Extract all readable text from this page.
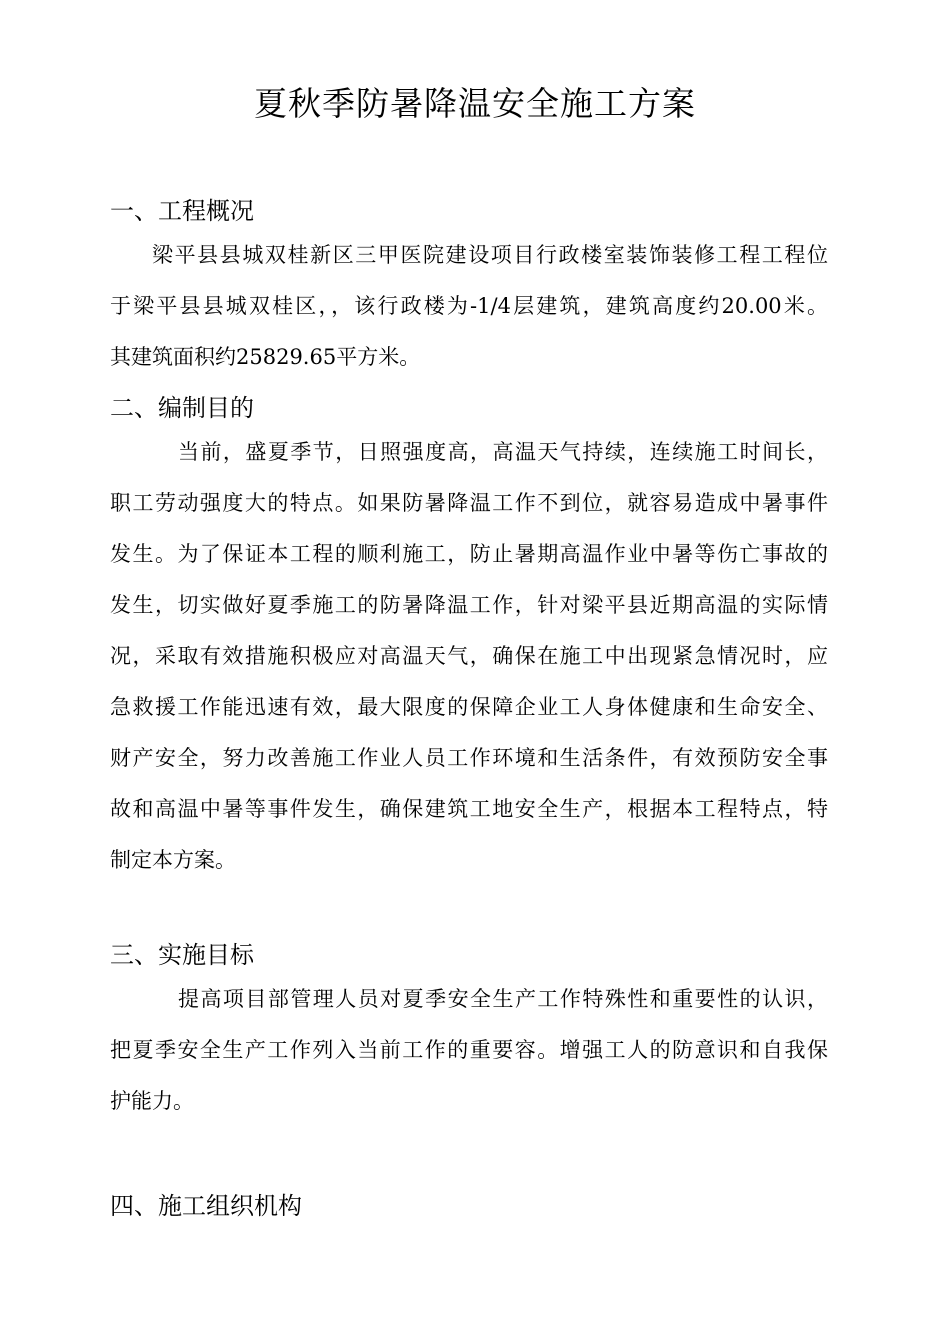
夏秋季防暑降温安全施工方案
一、工程概况
梁平县县城双桂新区三甲医院建设项目行政楼室装饰装修工程工程位
于梁平县县城双桂区，，该行政楼为-1/4层建筑，建筑高度约20.00米。
其建筑面积约25829.65平方米。
二、编制目的
当前，盛夏季节，日照强度高，高温天气持续，连续施工时间长，
职工劳动强度大的特点。如果防暑降温工作不到位，就容易造成中暑事件
发生。为了保证本工程的顺利施工，防止暑期高温作业中暑等伤亡事故的
发生，切实做好夏季施工的防暑降温工作，针对梁平县近期高温的实际情
况，采取有效措施积极应对高温天气，确保在施工中出现紧急情况时，应
急救援工作能迅速有效，最大限度的保障企业工人身体健康和生命安全、
财产安全，努力改善施工作业人员工作环境和生活条件，有效预防安全事
故和高温中暑等事件发生，确保建筑工地安全生产，根据本工程特点，特
制定本方案。
三、实施目标
提高项目部管理人员对夏季安全生产工作特殊性和重要性的认识，
把夏季安全生产工作列入当前工作的重要容。增强工人的防意识和自我保
护能力。
四、施工组织机构
